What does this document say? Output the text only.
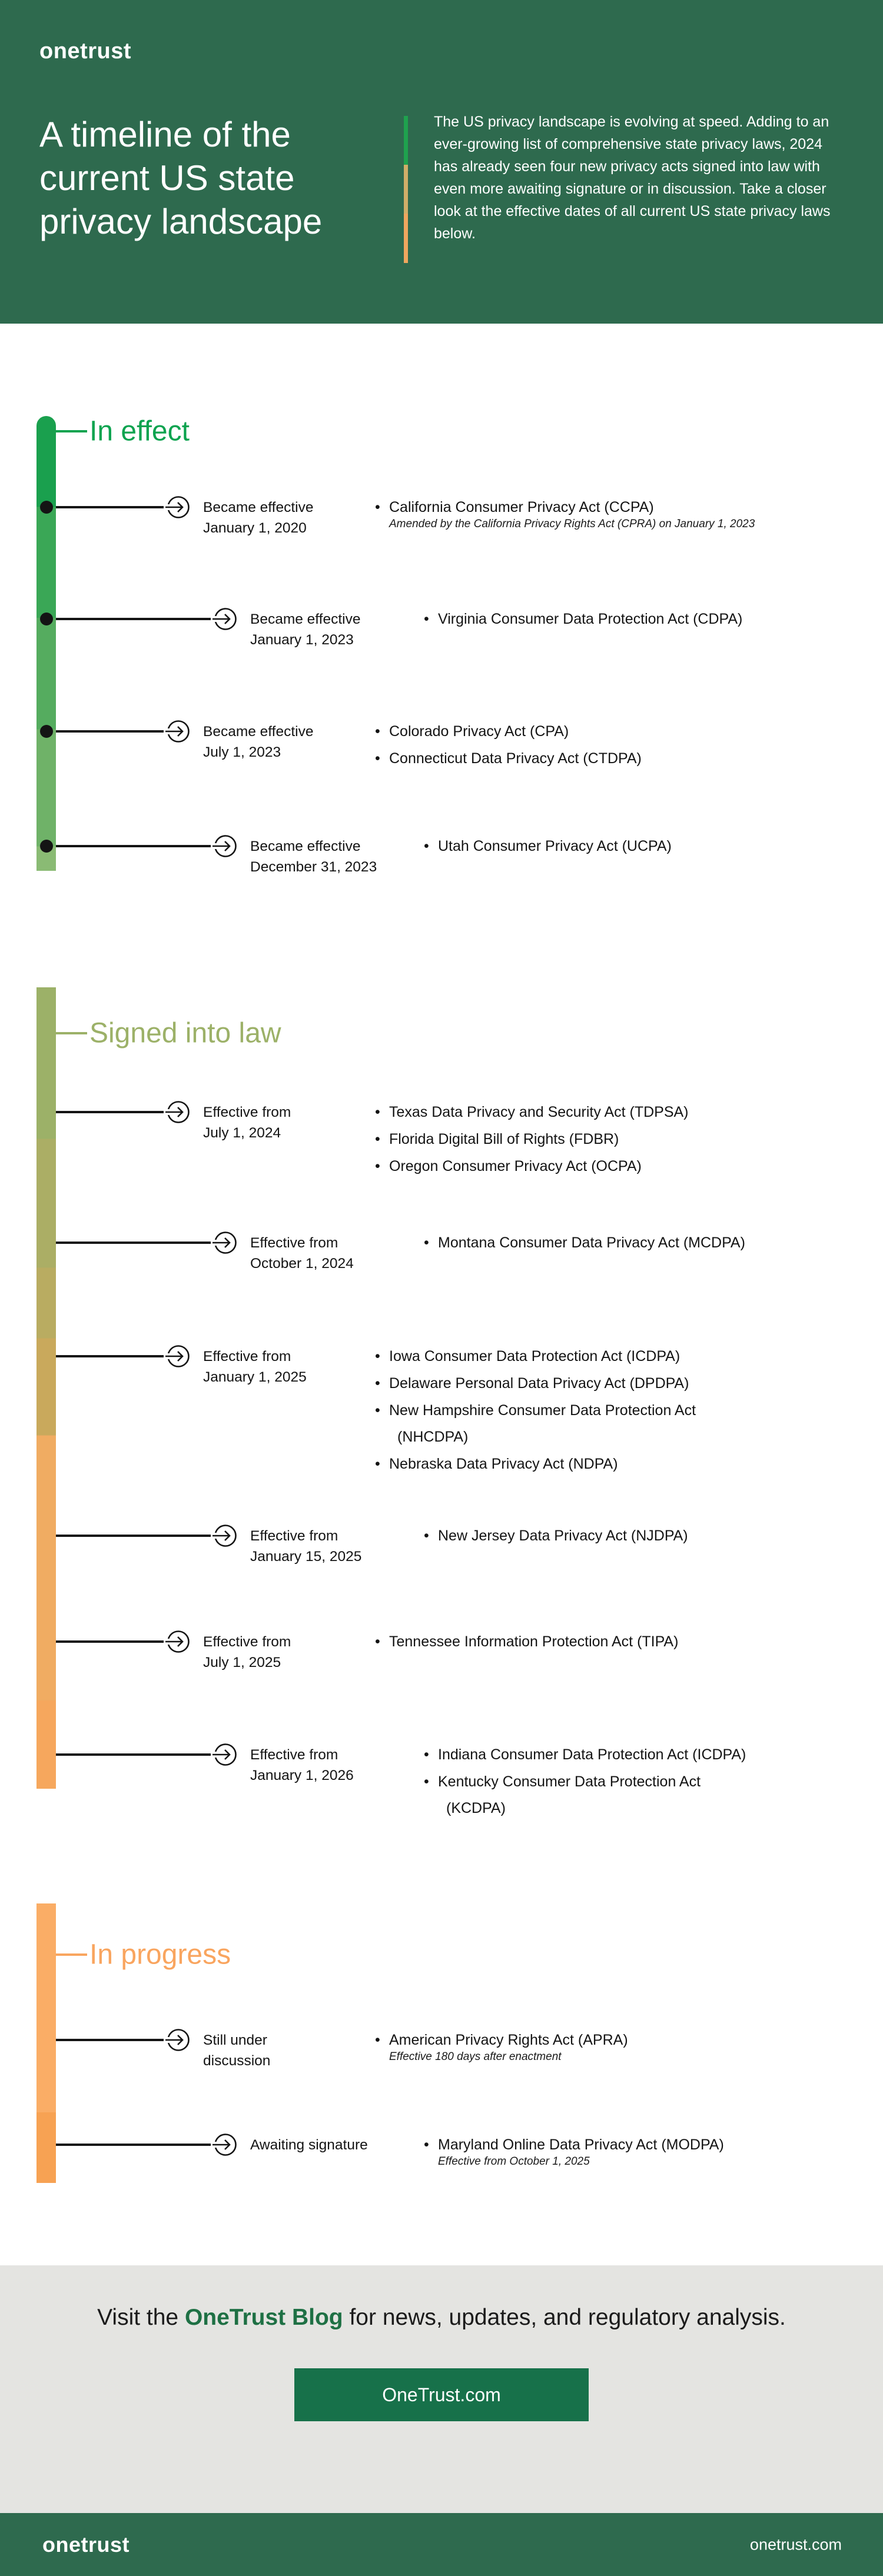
onetrust
A timeline of the
current US state
privacy landscape
The US privacy landscape is evolving at speed. Adding to an ever-growing list of comprehensive state privacy laws, 2024 has already seen four new privacy acts signed into law with even more awaiting signature or in discussion. Take a closer look at the effective dates of all current US state privacy laws below.
In effect
Signed into law
In progress
Became effective
January 1, 2020
• California Consumer Privacy Act (CCPA)
Amended by the California Privacy Rights Act (CPRA) on January 1, 2023
Became effective
January 1, 2023
• Virginia Consumer Data Protection Act (CDPA)
Became effective
July 1, 2023
• Colorado Privacy Act (CPA)
• Connecticut Data Privacy Act (CTDPA)
Became effective
December 31, 2023
• Utah Consumer Privacy Act (UCPA)
Effective from
July 1, 2024
• Texas Data Privacy and Security Act (TDPSA)
• Florida Digital Bill of Rights (FDBR)
• Oregon Consumer Privacy Act (OCPA)
Effective from
October 1, 2024
• Montana Consumer Data Privacy Act (MCDPA)
Effective from
January 1, 2025
• Iowa Consumer Data Protection Act (ICDPA)
• Delaware Personal Data Privacy Act (DPDPA)
• New Hampshire Consumer Data Protection Act
(NHCDPA)
• Nebraska Data Privacy Act (NDPA)
Effective from
January 15, 2025
• New Jersey Data Privacy Act (NJDPA)
Effective from
July 1, 2025
• Tennessee Information Protection Act (TIPA)
Effective from
January 1, 2026
• Indiana Consumer Data Protection Act (ICDPA)
• Kentucky Consumer Data Protection Act
(KCDPA)
Still under
discussion
• American Privacy Rights Act (APRA)
Effective 180 days after enactment
Awaiting signature	• Maryland Online Data Privacy Act (MODPA)
Effective from October 1, 2025
Visit the OneTrust Blog for news, updates, and regulatory analysis.
OneTrust.com
onetrust	onetrust.com
